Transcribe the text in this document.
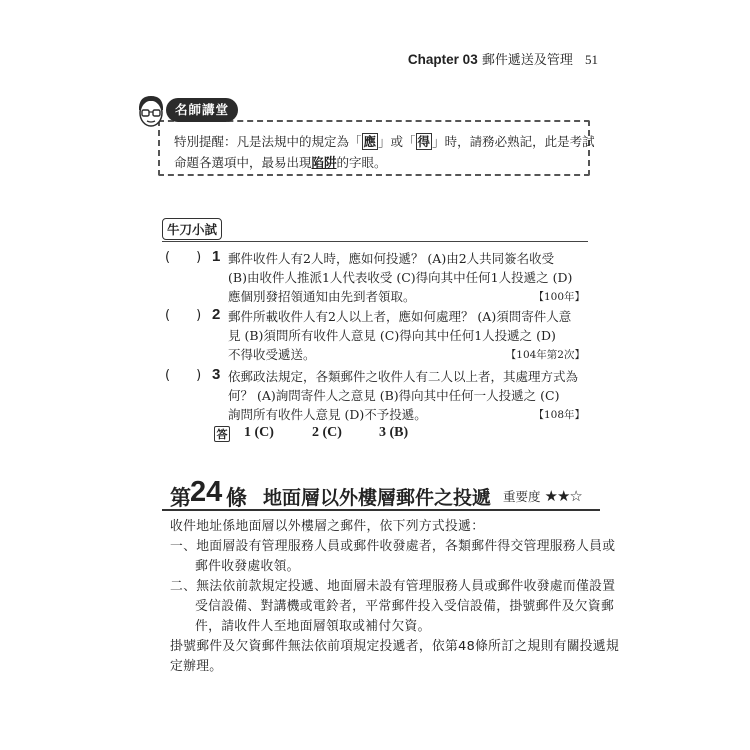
Chapter 03 郵件遞送及管理 51
名師講堂
特別提醒：凡是法規中的規定為「 應 」或「 得 」時，請務必熟記，此是考試
命題各選項中，最易出現陷阱的字眼。
牛刀小試
( ) 1 郵件收件人有2人時，應如何投遞？ (A)由2人共同簽名收受
(B)由收件人推派1人代表收受 (C)得向其中任何1人投遞之 (D)
應個別發招領通知由先到者領取。	【100年】
( ) 2 郵件所載收件人有2人以上者，應如何處理？ (A)須問寄件人意
見 (B)須問所有收件人意見 (C)得向其中任何1人投遞之 (D)
不得收受遞送。	【104年第2次】
( ) 3 依郵政法規定，各類郵件之收件人有二人以上者，其處理方式為
何？ (A)詢問寄件人之意見 (B)得向其中任何一人投遞之 (C)
詢問所有收件人意見 (D)不予投遞。	【108年】
答 1 (C)	2 (C)	3 (B)
第 24 條 地面層以外樓層郵件之投遞 重要度 ★★☆
收件地址係地面層以外樓層之郵件，依下列方式投遞：
一、地面層設有管理服務人員或郵件收發處者，各類郵件得交管理服務人員或
郵件收發處收領。
二、無法依前款規定投遞、地面層未設有管理服務人員或郵件收發處而僅設置
受信設備、對講機或電鈴者，平常郵件投入受信設備，掛號郵件及欠資郵
件，請收件人至地面層領取或補付欠資。
掛號郵件及欠資郵件無法依前項規定投遞者，依第48條所訂之規則有關投遞規
定辦理。
